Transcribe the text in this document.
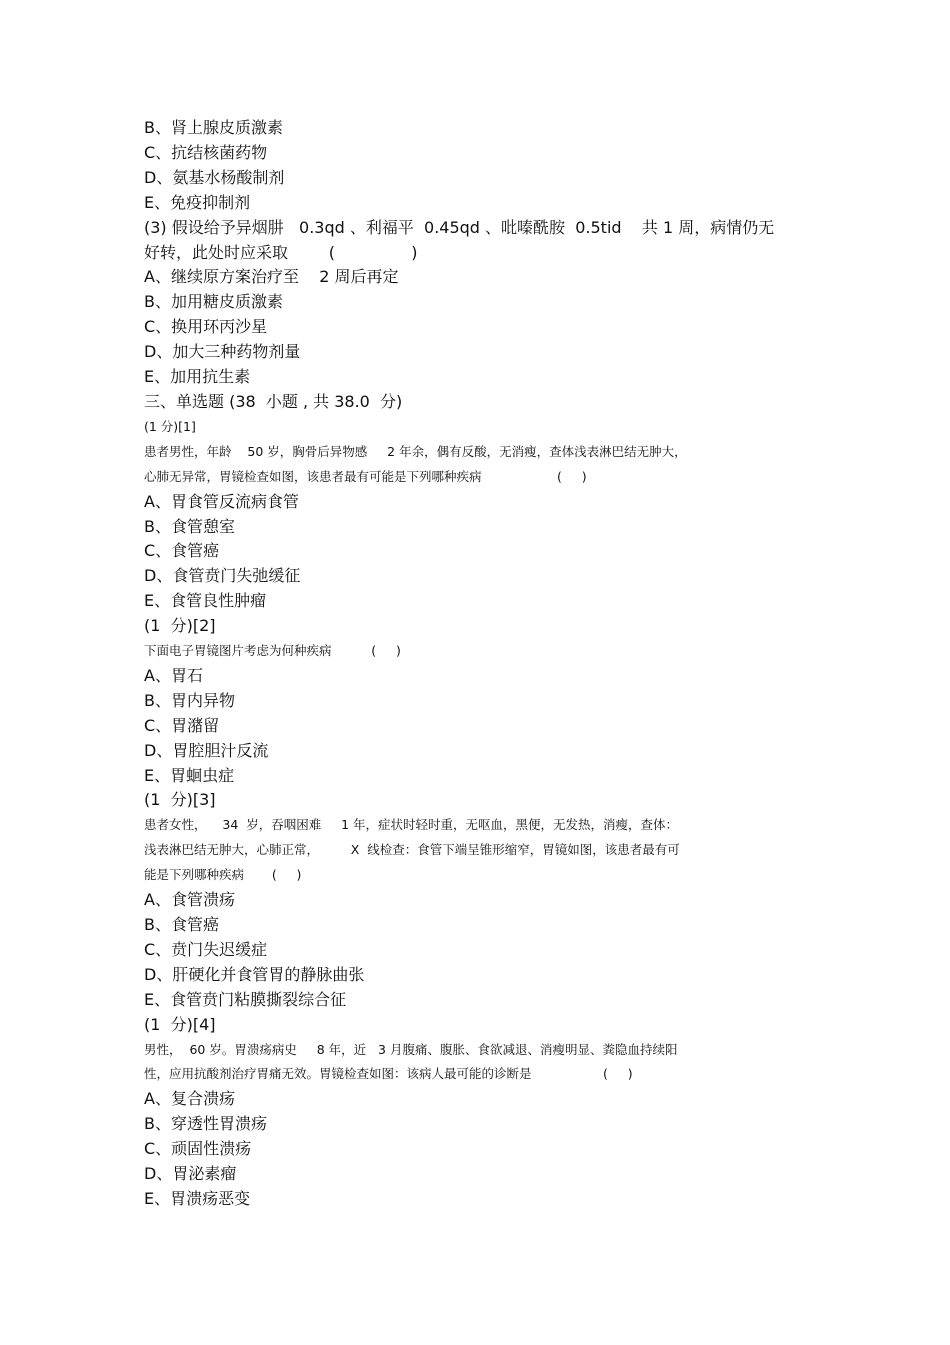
B、肾上腺皮质激素
C、抗结核菌药物
D、氨基水杨酸制剂
E、免疫抑制剂
(3) 假设给予异烟肼   0.3qd 、利福平  0.45qd 、吡嗪酰胺  0.5tid    共 1 周，病情仍无
好转，此处时应采取        (               )
A、继续原方案治疗至    2 周后再定
B、加用糖皮质激素
C、换用环丙沙星
D、加大三种药物剂量
E、加用抗生素
三、单选题 (38  小题 , 共 38.0  分)
(1 分)[1]
患者男性，年龄    50 岁，胸骨后异物感     2 年余，偶有反酸，无消瘦，查体浅表淋巴结无肿大，
心肺无异常，胃镜检查如图，该患者最有可能是下列哪种疾病                   (     )
A、胃食管反流病食管
B、食管憩室
C、食管癌
D、食管贲门失弛缓征
E、食管良性肿瘤
(1  分)[2]
下面电子胃镜图片考虑为何种疾病          (     )
A、胃石
B、胃内异物
C、胃潴留
D、胃腔胆汁反流
E、胃蛔虫症
(1  分)[3]
患者女性，    34  岁，吞咽困难     1 年，症状时轻时重，无呕血，黑便，无发热，消瘦，查体：
浅表淋巴结无肿大，心肺正常，        X  线检查：食管下端呈锥形缩窄，胃镜如图，该患者最有可
能是下列哪种疾病       (     )
A、食管溃疡
B、食管癌
C、贲门失迟缓症
D、肝硬化并食管胃的静脉曲张
E、食管贲门粘膜撕裂综合征
(1  分)[4]
男性，  60 岁。胃溃疡病史     8 年，近   3 月腹痛、腹胀、食欲减退、消瘦明显、粪隐血持续阳
性，应用抗酸剂治疗胃痛无效。胃镜检查如图：该病人最可能的诊断是                  (     )
A、复合溃疡
B、穿透性胃溃疡
C、顽固性溃疡
D、胃泌素瘤
E、胃溃疡恶变
